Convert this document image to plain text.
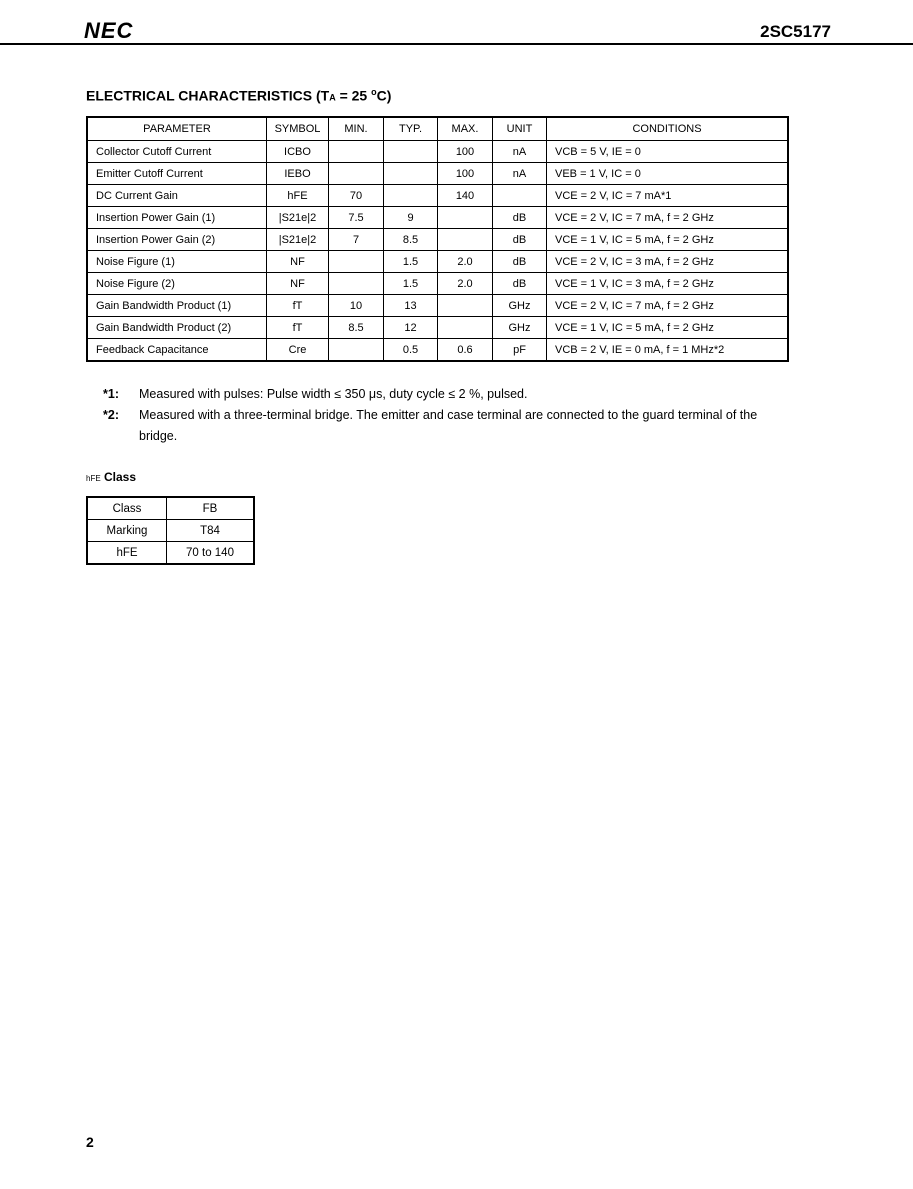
NEC	2SC5177
ELECTRICAL CHARACTERISTICS (TA = 25 $^o$C)
PARAMETER	SYMBOL	MIN.	TYP.	MAX.	UNIT	CONDITIONS
Collector Cutoff Current	ICBO			100	nA	VCB = 5 V, IE = 0
Emitter Cutoff Current	IEBO			100	nA	VEB = 1 V, IC = 0
DC Current Gain	hFE	70		140		VCE = 2 V, IC = 7 mA*1
Insertion Power Gain (1)	|S21e|2	7.5	9		dB	VCE = 2 V, IC = 7 mA, f = 2 GHz
Insertion Power Gain (2)	|S21e|2	7	8.5		dB	VCE = 1 V, IC = 5 mA, f = 2 GHz
Noise Figure (1)	NF		1.5	2.0	dB	VCE = 2 V, IC = 3 mA, f = 2 GHz
Noise Figure (2)	NF		1.5	2.0	dB	VCE = 1 V, IC = 3 mA, f = 2 GHz
Gain Bandwidth Product (1)	fT	10	13		GHz	VCE = 2 V, IC = 7 mA, f = 2 GHz
Gain Bandwidth Product (2)	fT	8.5	12		GHz	VCE = 1 V, IC = 5 mA, f = 2 GHz
Feedback Capacitance	Cre		0.5	0.6	pF	VCB = 2 V, IE = 0 mA, f = 1 MHz*2
*1:	Measured with pulses: Pulse width ≤ 350 μs, duty cycle ≤ 2 %, pulsed.
*2:	Measured with a three-terminal bridge. The emitter and case terminal are connected to the guard terminal of the bridge.
hFE Class
Class	FB
Marking	T84
hFE	70 to 140
2
